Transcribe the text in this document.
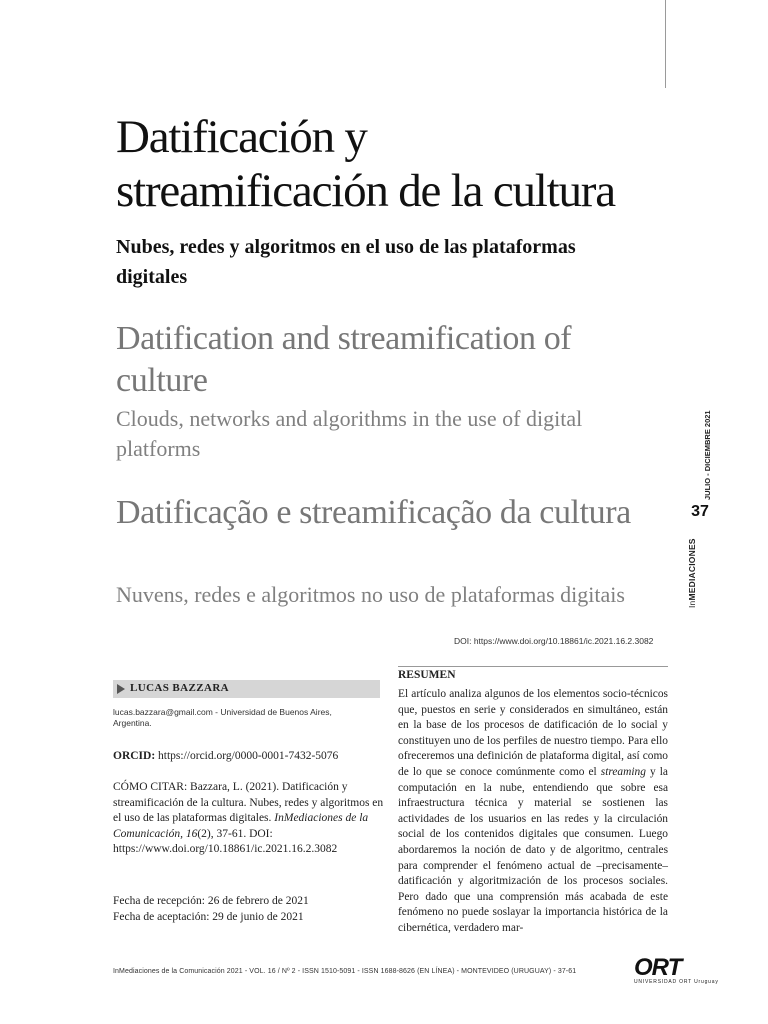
Datificación y
streamificación de la cultura
Nubes, redes y algoritmos en el uso de las plataformas digitales
Datification and streamification of culture
Clouds, networks and algorithms in the use of digital platforms
Datificação e streamificação da cultura
Nuvens, redes e algoritmos no uso de plataformas digitais
DOI: https://www.doi.org/10.18861/ic.2021.16.2.3082
JULIO - DICIEMBRE 2021
37
InMEDIACIONES
LUCAS BAZZARA
lucas.bazzara@gmail.com - Universidad de Buenos Aires, Argentina.
ORCID: https://orcid.org/0000-0001-7432-5076
CÓMO CITAR: Bazzara, L. (2021). Datificación y streamificación de la cultura. Nubes, redes y algoritmos en el uso de las plataformas digitales. InMediaciones de la Comunicación, 16(2), 37-61. DOI: https://www.doi.org/10.18861/ic.2021.16.2.3082
Fecha de recepción: 26 de febrero de 2021
Fecha de aceptación: 29 de junio de 2021
RESUMEN
El artículo analiza algunos de los elementos socio-técnicos que, puestos en serie y considerados en simultáneo, están en la base de los procesos de datificación de lo social y constituyen uno de los perfiles de nuestro tiempo. Para ello ofreceremos una definición de plataforma digital, así como de lo que se conoce comúnmente como el streaming y la computación en la nube, entendiendo que sobre esa infraestructura técnica y material se sostienen las actividades de los usuarios en las redes y la circulación social de los contenidos digitales que consumen. Luego abordaremos la noción de dato y de algoritmo, centrales para comprender el fenómeno actual de –precisamente– datificación y algoritmización de los procesos sociales. Pero dado que una comprensión más acabada de este fenómeno no puede soslayar la importancia histórica de la cibernética, verdadero mar-
InMediaciones de la Comunicación 2021 - VOL. 16 / Nº 2 - ISSN 1510-5091 - ISSN 1688-8626 (EN LÍNEA) - MONTEVIDEO (URUGUAY) - 37-61	ORT
UNIVERSIDAD ORT Uruguay
